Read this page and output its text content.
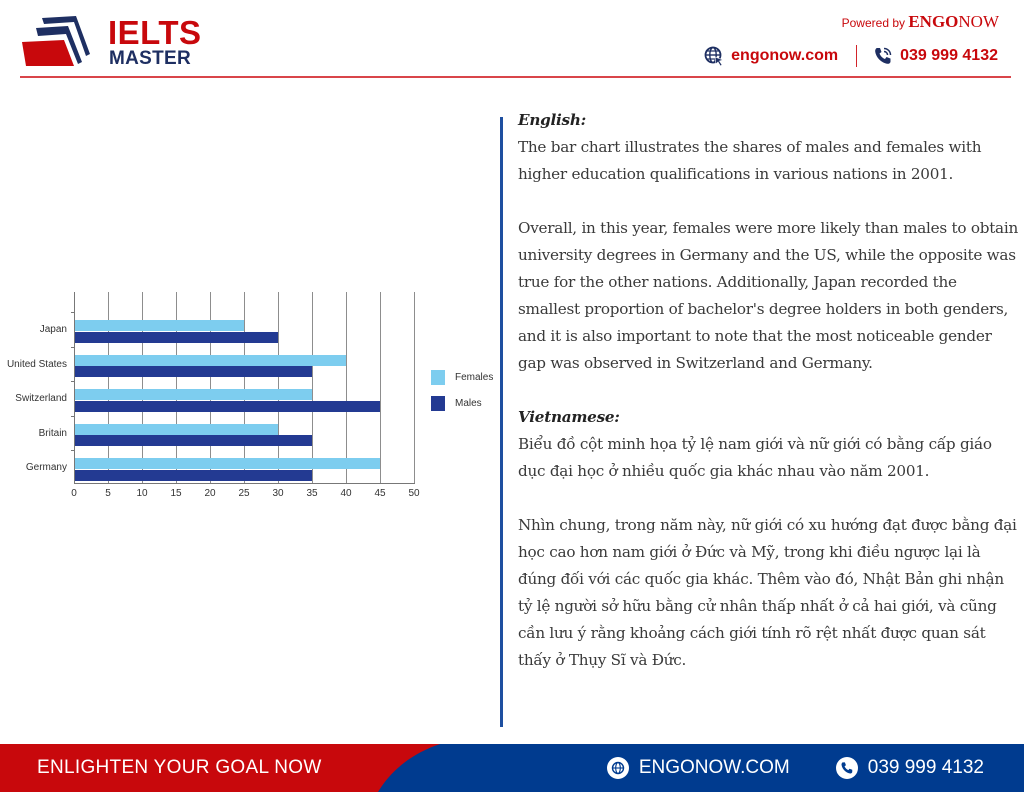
IELTS
MASTER
Powered by ENGONOW
engonow.com	039 999 4132
Japan
United States
Switzerland
Britain
Germany
0	5	10	15	20	25	30	35	40	45	50
Females
Males
English:
The bar chart illustrates the shares of males and females with higher education qualifications in various nations in 2001.
Overall, in this year, females were more likely than males to obtain university degrees in Germany and the US, while the opposite was true for the other nations. Additionally, Japan recorded the smallest proportion of bachelor's degree holders in both genders, and it is also important to note that the most noticeable gender gap was observed in Switzerland and Germany.
Vietnamese:
Biểu đồ cột minh họa tỷ lệ nam giới và nữ giới có bằng cấp giáo dục đại học ở nhiều quốc gia khác nhau vào năm 2001.
Nhìn chung, trong năm này, nữ giới có xu hướng đạt được bằng đại học cao hơn nam giới ở Đức và Mỹ, trong khi điều ngược lại là đúng đối với các quốc gia khác. Thêm vào đó, Nhật Bản ghi nhận tỷ lệ người sở hữu bằng cử nhân thấp nhất ở cả hai giới, và cũng cần lưu ý rằng khoảng cách giới tính rõ rệt nhất được quan sát thấy ở Thụy Sĩ và Đức.
ENLIGHTEN YOUR GOAL NOW	ENGONOW.COM	039 999 4132
